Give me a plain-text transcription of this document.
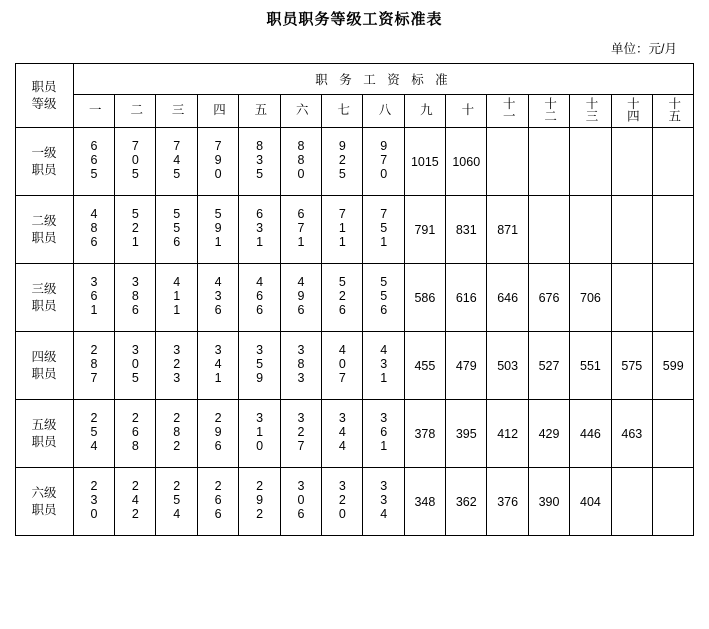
职员职务等级工资标准表
单位：元/月
职员
等级	职 务 工 资 标 准														
	一	二	三	四	五	六	七	八	九	十	十一	十二	十三	十四	十五
一级
职员	665	705	745	790	835	880	925	970	1015	1060					
二级
职员	486	521	556	591	631	671	711	751	791	831	871				
三级
职员	361	386	411	436	466	496	526	556	586	616	646	676	706		
四级
职员	287	305	323	341	359	383	407	431	455	479	503	527	551	575	599
五级
职员	254	268	282	296	310	327	344	361	378	395	412	429	446	463	
六级
职员	230	242	254	266	292	306	320	334	348	362	376	390	404		
